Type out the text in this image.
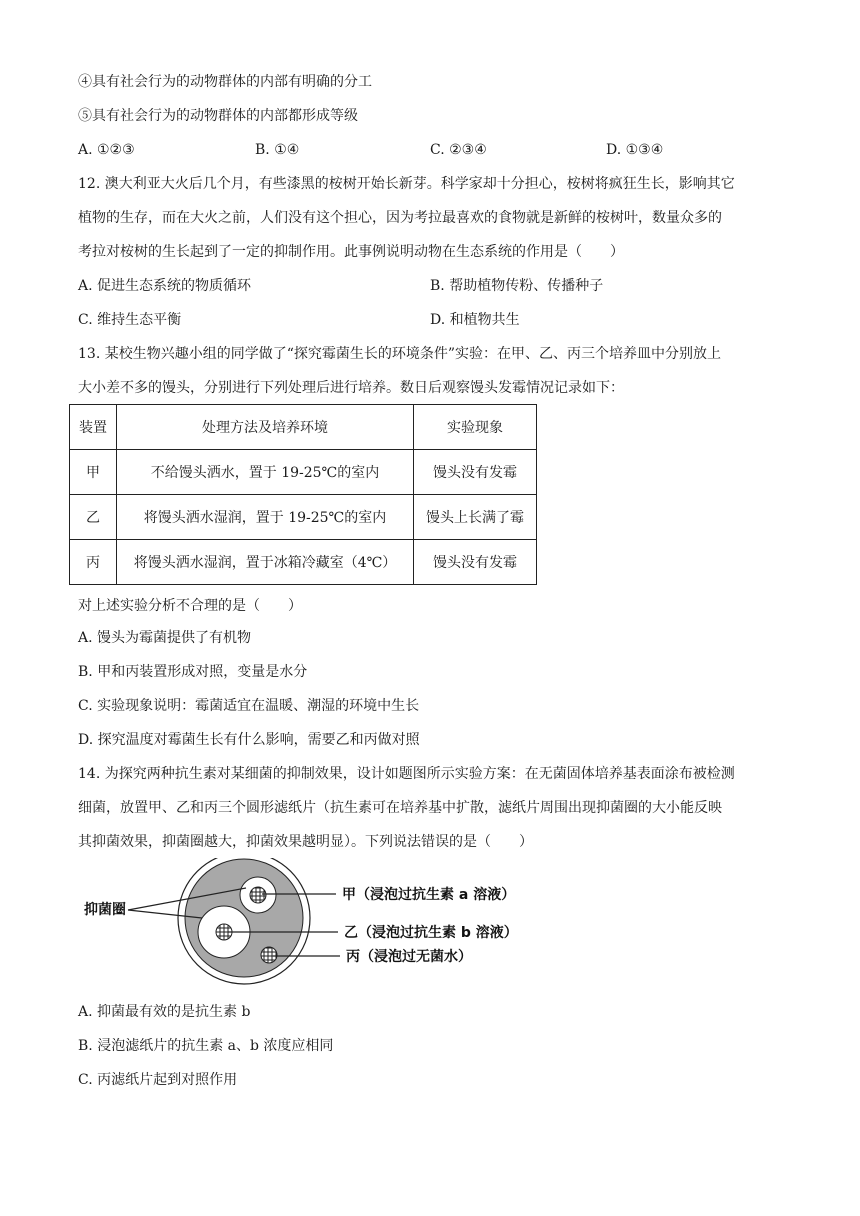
④具有社会行为的动物群体的内部有明确的分工
⑤具有社会行为的动物群体的内部都形成等级
A. ①②③	B. ①④	C. ②③④	D. ①③④
12. 澳大利亚大火后几个月，有些漆黑的桉树开始长新芽。科学家却十分担心，桉树将疯狂生长，影响其它
植物的生存，而在大火之前，人们没有这个担心，因为考拉最喜欢的食物就是新鲜的桉树叶，数量众多的
考拉对桉树的生长起到了一定的抑制作用。此事例说明动物在生态系统的作用是（　　）
A. 促进生态系统的物质循环	B. 帮助植物传粉、传播种子
C. 维持生态平衡	D. 和植物共生
13. 某校生物兴趣小组的同学做了“探究霉菌生长的环境条件”实验：在甲、乙、丙三个培养皿中分别放上
大小差不多的馒头，分别进行下列处理后进行培养。数日后观察馒头发霉情况记录如下：
装置	处理方法及培养环境	实验现象
甲	不给馒头洒水，置于 19-25℃的室内	馒头没有发霉
乙	将馒头洒水湿润，置于 19-25℃的室内	馒头上长满了霉
丙	将馒头洒水湿润，置于冰箱冷藏室（4℃）	馒头没有发霉
对上述实验分析不合理的是（　　）
A. 馒头为霉菌提供了有机物
B. 甲和丙装置形成对照，变量是水分
C. 实验现象说明：霉菌适宜在温暖、潮湿的环境中生长
D. 探究温度对霉菌生长有什么影响，需要乙和丙做对照
14. 为探究两种抗生素对某细菌的抑制效果，设计如题图所示实验方案：在无菌固体培养基表面涂布被检测
细菌，放置甲、乙和丙三个圆形滤纸片（抗生素可在培养基中扩散，滤纸片周围出现抑菌圈的大小能反映
其抑菌效果，抑菌圈越大，抑菌效果越明显）。下列说法错误的是（　　）
抑菌圈
甲（浸泡过抗生素 a 溶液）
乙（浸泡过抗生素 b 溶液）
丙（浸泡过无菌水）
A. 抑菌最有效的是抗生素 b
B. 浸泡滤纸片的抗生素 a、b 浓度应相同
C. 丙滤纸片起到对照作用
